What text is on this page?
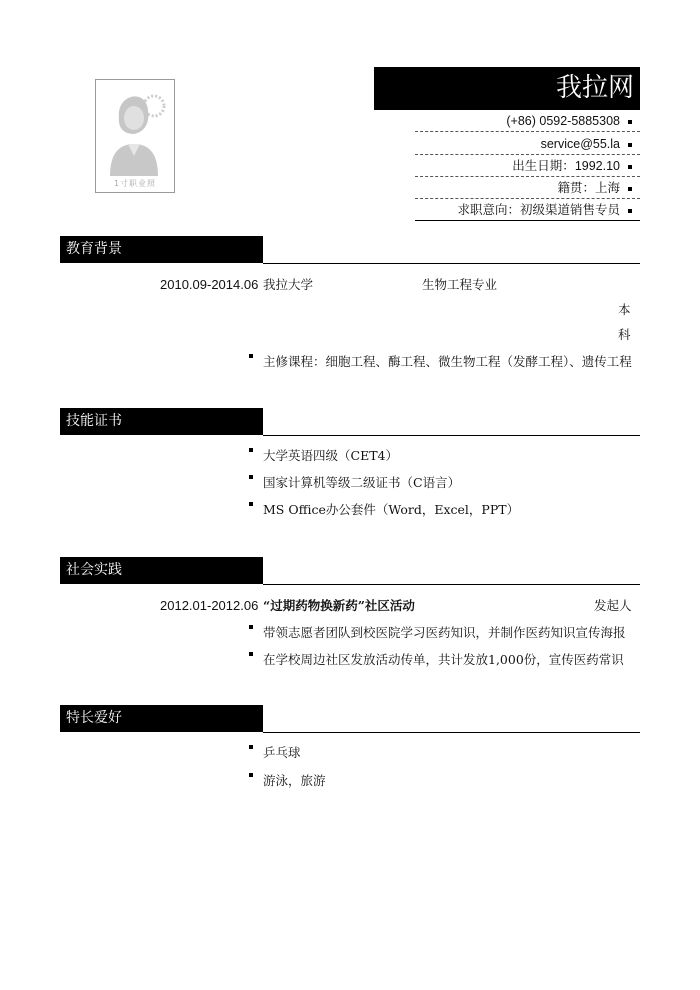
1寸职业照
我拉网
(+86) 0592-5885308
service@55.la
出生日期：1992.10
籍贯：上海
求职意向：初级渠道销售专员
教育背景
2010.09-2014.06 我拉大学	生物工程专业
本
科
主修课程：细胞工程、酶工程、微生物工程（发酵工程）、遗传工程
技能证书
大学英语四级（CET4）
国家计算机等级二级证书（C语言）
MS Office办公套件（Word，Excel，PPT）
社会实践
2012.01-2012.06 “过期药物换新药”社区活动	发起人
带领志愿者团队到校医院学习医药知识，并制作医药知识宣传海报
在学校周边社区发放活动传单，共计发放1,000份，宣传医药常识
特长爱好
乒乓球
游泳，旅游
